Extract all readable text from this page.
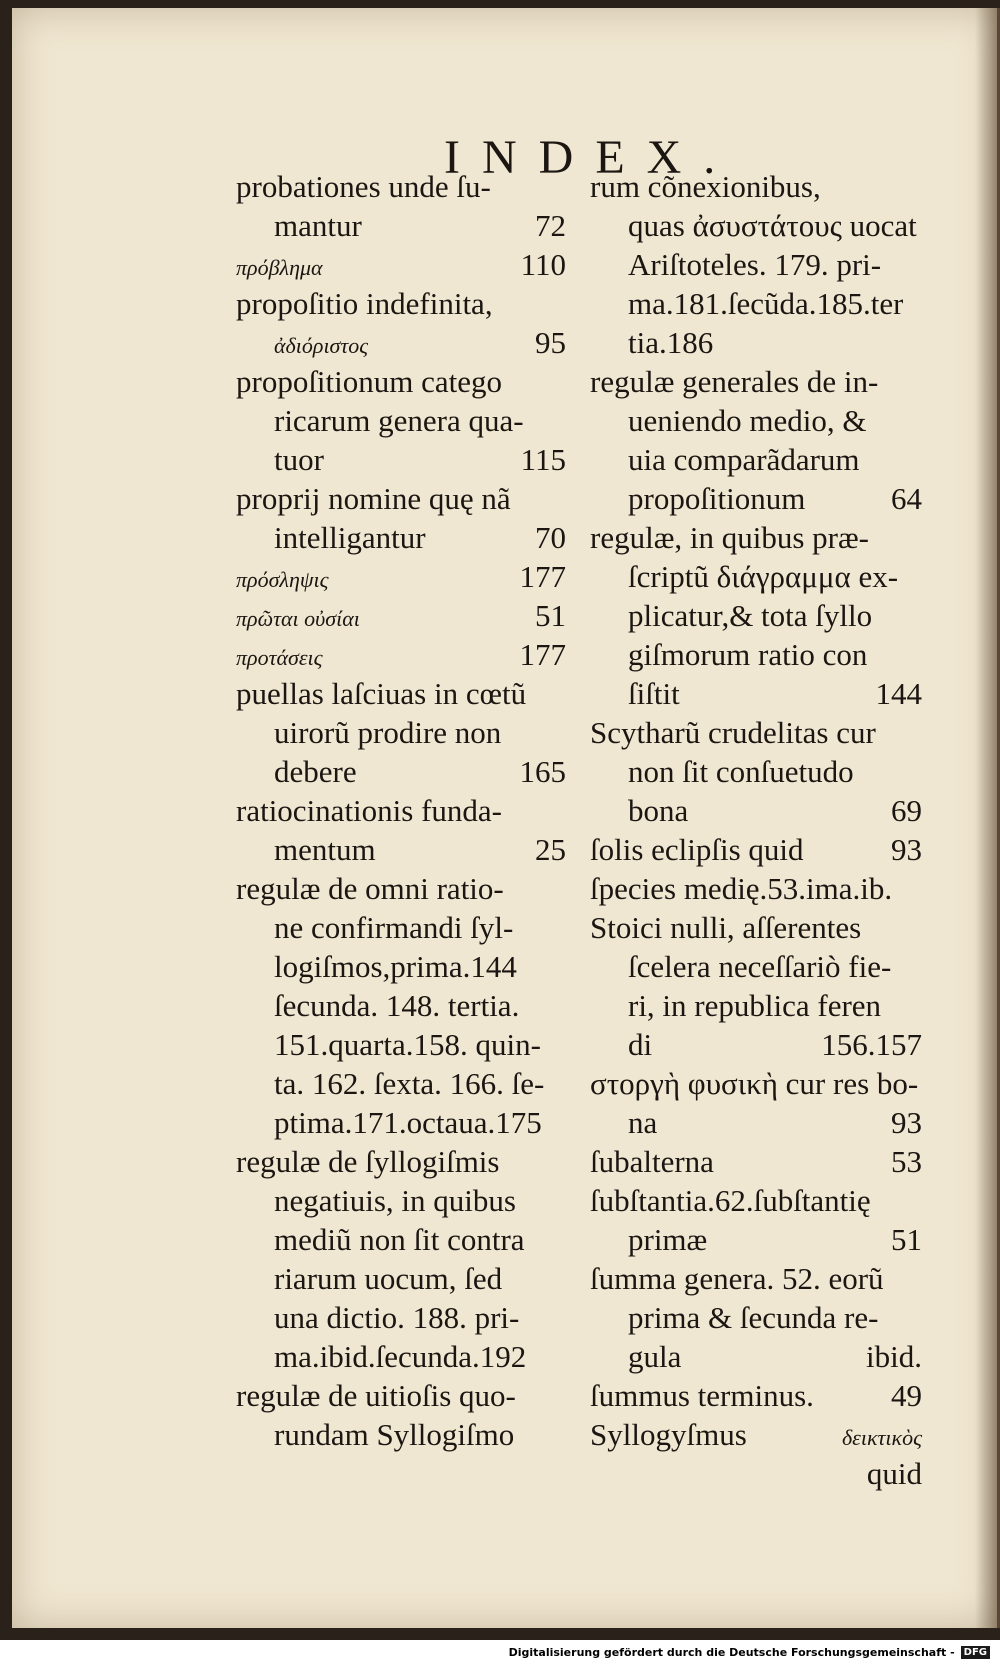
INDEX.
probationes unde ſu-
mantur	72
πρόβλημα	110
propoſitio indefinita,
ἀδιόριστος	95
propoſitionum catego
ricarum genera qua-
tuor	115
proprij nomine quę nã
intelligantur	70
πρόσληψις	177
πρῶται οὐσίαι	51
προτάσεις	177
puellas laſciuas in cœtũ
uirorũ prodire non
debere	165
ratiocinationis funda-
mentum	25
regulæ de omni ratio-
ne confirmandi ſyl-
logiſmos,prima.144
ſecunda. 148. tertia.
151.quarta.158. quin-
ta. 162. ſexta. 166. ſe-
ptima.171.octaua.175
regulæ de ſyllogiſmis
negatiuis, in quibus
mediũ non ſit contra
riarum uocum, ſed
una dictio. 188. pri-
ma.ibid.ſecunda.192
regulæ de uitioſis quo-
rundam Syllogiſmo
rum cõnexionibus,
quas ἀσυστάτους uocat
Ariſtoteles. 179. pri-
ma.181.ſecũda.185.ter
tia.186
regulæ generales de in-
ueniendo medio, &
uia comparãdarum
propoſitionum	64
regulæ, in quibus præ-
ſcriptũ διάγραμμα ex-
plicatur,& tota ſyllo
giſmorum ratio con
ſiſtit	144
Scytharũ crudelitas cur
non ſit conſuetudo
bona	69
ſolis eclipſis quid	93
ſpecies medię.53.ima.ib.
Stoici nulli, aſſerentes
ſcelera neceſſariò fie-
ri, in republica feren
di	156.157
στοργὴ φυσικὴ cur res bo-
na	93
ſubalterna	53
ſubſtantia.62.ſubſtantię
primæ	51
ſumma genera. 52. eorũ
prima & ſecunda re-
gula	ibid.
ſummus terminus. 49
Syllogyſmus	δεικτικὸς
quid
Digitalisierung gefördert durch die Deutsche Forschungsgemeinschaft - DFG
